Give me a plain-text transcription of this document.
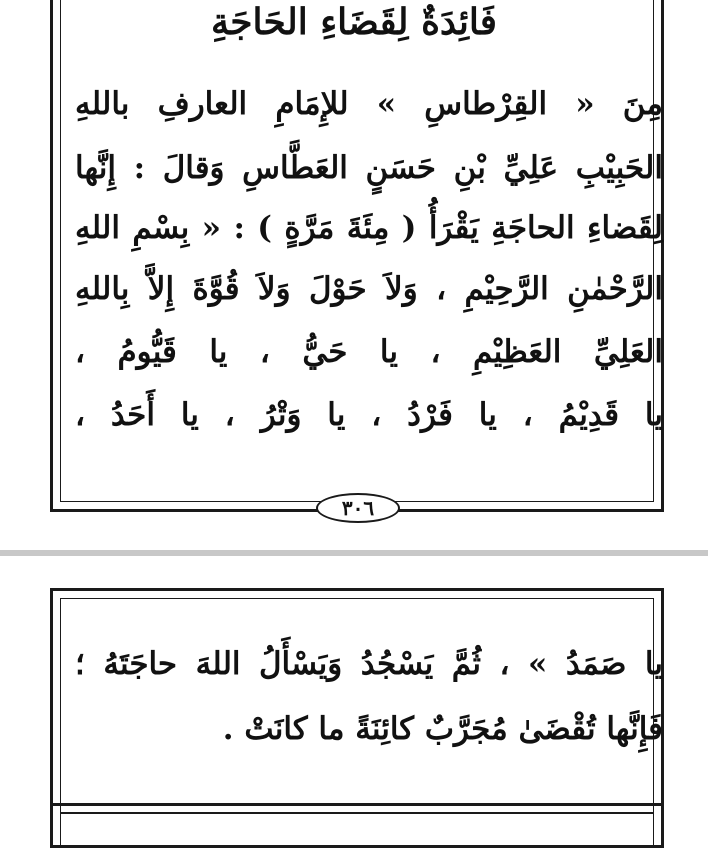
فَائِدَةٌ لِقَضَاءِ الحَاجَةِ
مِنَ « القِرْطاسِ » للإِمَامِ العارفِ باللهِ
الحَبِيْبِ عَلِيِّ بْنِ حَسَنٍ العَطَّاسِ وَقالَ : إِنَّها
لِقَضاءِ الحاجَةِ يَقْرَأُ ( مِئَةَ مَرَّةٍ ) : « بِسْمِ اللهِ
الرَّحْمٰنِ الرَّحِيْمِ ، وَلاَ حَوْلَ وَلاَ قُوَّةَ إِلاَّ بِاللهِ
العَلِيِّ العَظِيْمِ ، يا حَيُّ ، يا قَيُّومُ ،
يا قَدِيْمُ ، يا فَرْدُ ، يا وَتْرُ ، يا أَحَدُ ،
٣٠٦
يا صَمَدُ » ، ثُمَّ يَسْجُدُ وَيَسْأَلُ اللهَ حاجَتَهُ ؛
فَإِنَّها تُقْضَىٰ مُجَرَّبٌ كائِنَةً ما كانَتْ .
